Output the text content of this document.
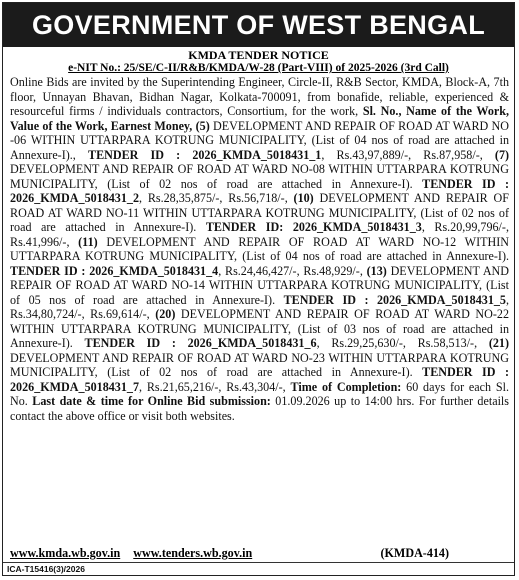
GOVERNMENT OF WEST BENGAL
KMDA TENDER NOTICE
e-NIT No.: 25/SE/C-II/R&B/KMDA/W-28 (Part-VIII) of 2025-2026 (3rd Call)
Online Bids are invited by the Superintending Engineer, Circle-II, R&B Sector, KMDA, Block-A, 7th floor, Unnayan Bhavan, Bidhan Nagar, Kolkata-700091, from bonafide, reliable, experienced & resourceful firms / individuals contractors, Consortium, for the work, Sl. No., Name of the Work, Value of the Work, Earnest Money, (5) DEVELOPMENT AND REPAIR OF ROAD AT WARD NO -06 WITHIN UTTARPARA KOTRUNG MUNICIPALITY, (List of 04 nos of road are attached in Annexure-I)., TENDER ID : 2026_KMDA_5018431_1, Rs.43,97,889/-, Rs.87,958/-, (7) DEVELOPMENT AND REPAIR OF ROAD AT WARD NO-08 WITHIN UTTARPARA KOTRUNG MUNICIPALITY, (List of 02 nos of road are attached in Annexure-I). TENDER ID : 2026_KMDA_5018431_2, Rs.28,35,875/-, Rs.56,718/-, (10) DEVELOPMENT AND REPAIR OF ROAD AT WARD NO-11 WITHIN UTTARPARA KOTRUNG MUNICIPALITY, (List of 02 nos of road are attached in Annexure-I). TENDER ID: 2026_KMDA_5018431_3, Rs.20,99,796/-, Rs.41,996/-, (11) DEVELOPMENT AND REPAIR OF ROAD AT WARD NO-12 WITHIN UTTARPARA KOTRUNG MUNICIPALITY, (List of 04 nos of road are attached in Annexure-I). TENDER ID : 2026_KMDA_5018431_4, Rs.24,46,427/-, Rs.48,929/-, (13) DEVELOPMENT AND REPAIR OF ROAD AT WARD NO-14 WITHIN UTTARPARA KOTRUNG MUNICIPALITY, (List of 05 nos of road are attached in Annexure-I). TENDER ID : 2026_KMDA_5018431_5, Rs.34,80,724/-, Rs.69,614/-, (20) DEVELOPMENT AND REPAIR OF ROAD AT WARD NO-22 WITHIN UTTARPARA KOTRUNG MUNICIPALITY, (List of 03 nos of road are attached in Annexure-I). TENDER ID : 2026_KMDA_5018431_6, Rs.29,25,630/-, Rs.58,513/-, (21) DEVELOPMENT AND REPAIR OF ROAD AT WARD NO-23 WITHIN UTTARPARA KOTRUNG MUNICIPALITY, (List of 02 nos of road are attached in Annexure-I). TENDER ID : 2026_KMDA_5018431_7, Rs.21,65,216/-, Rs.43,304/-, Time of Completion: 60 days for each Sl. No. Last date & time for Online Bid submission: 01.09.2026 up to 14:00 hrs. For further details contact the above office or visit both websites.
www.kmda.wb.gov.in www.tenders.wb.gov.in	(KMDA-414)
ICA-T15416(3)/2026
